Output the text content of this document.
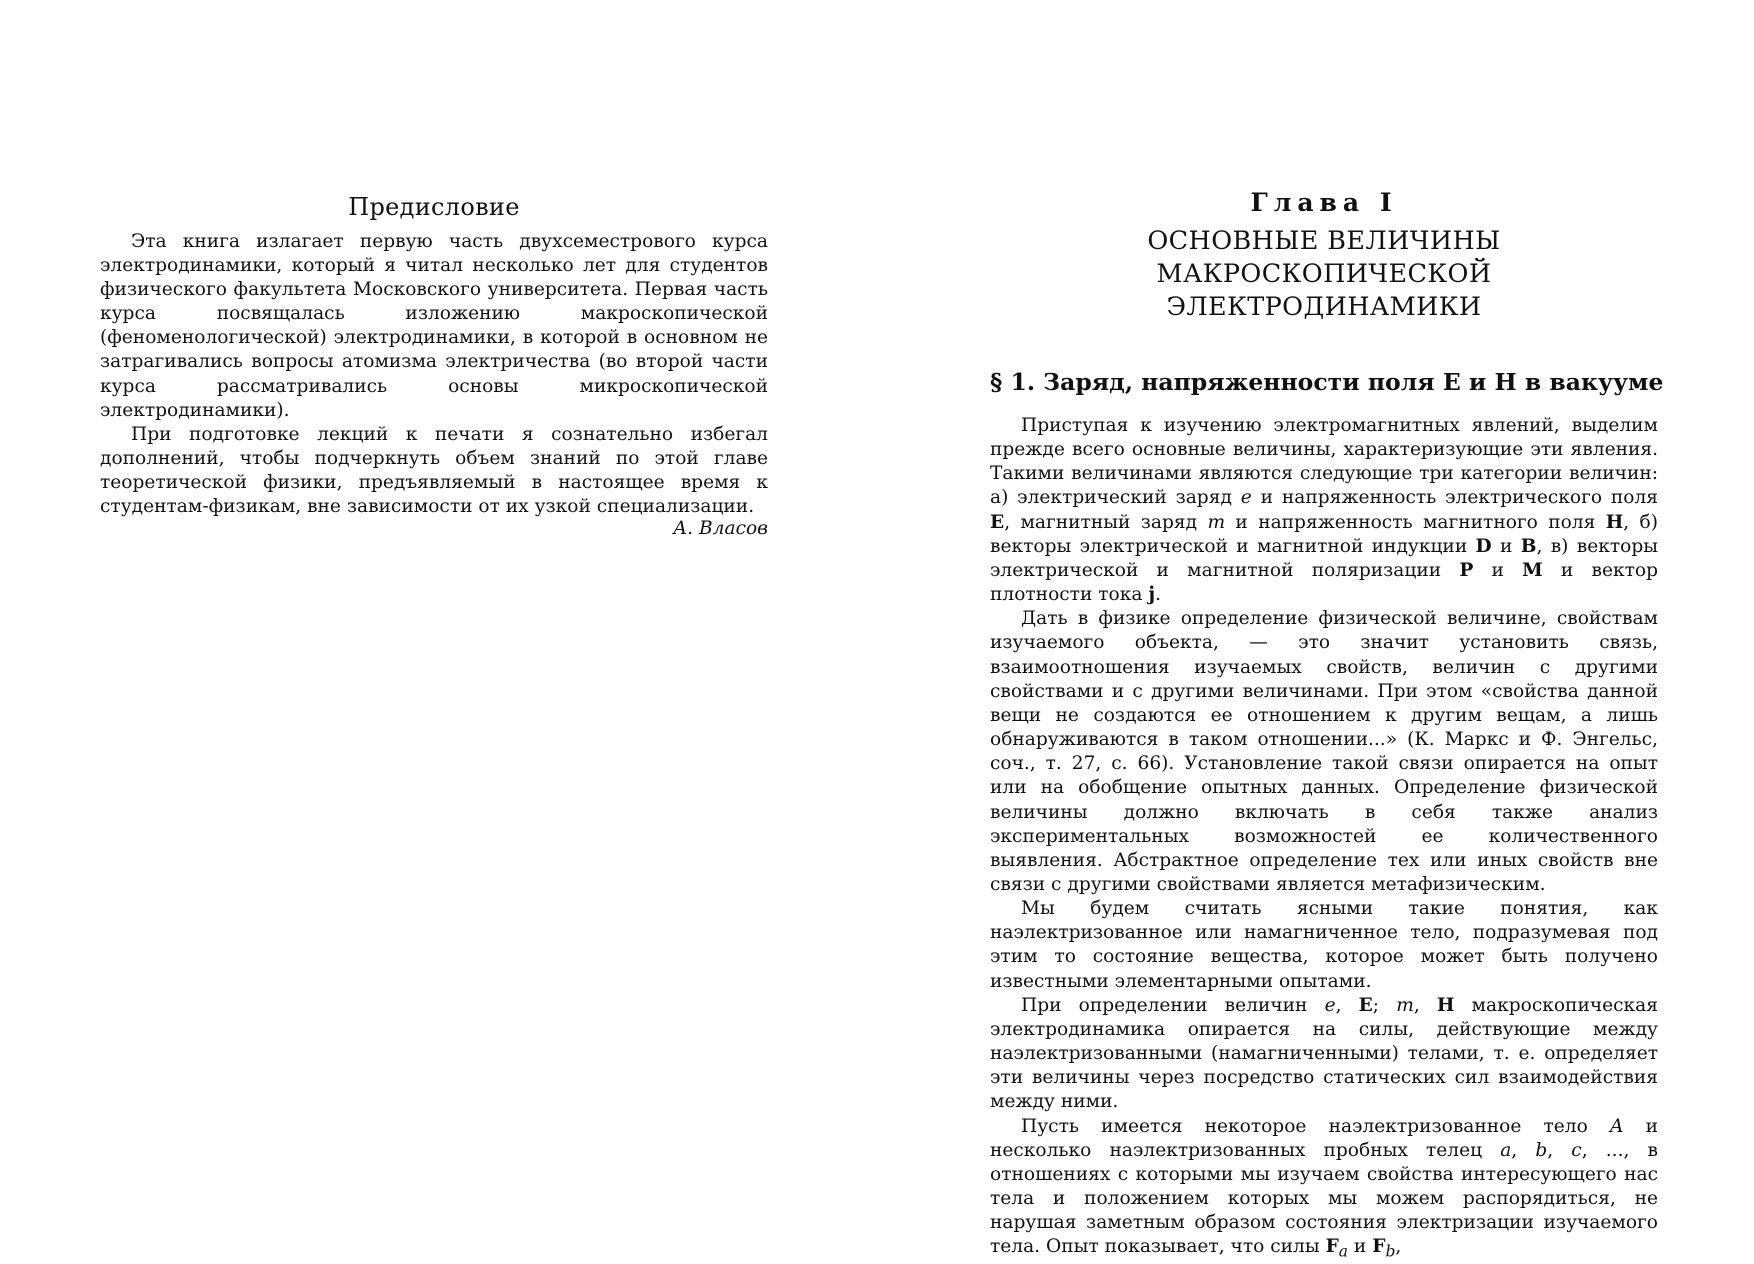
Предисловие

Эта книга излагает первую часть двухсеместрового курса электродинамики, который я читал несколько лет для студентов физического факультета Московского университета. Первая часть курса посвящалась изложению макроскопической (феноменологической) электродинамики, в которой в основном не затрагивались вопросы атомизма электричества (во второй части курса рассматривались основы микроскопической электродинамики).

При подготовке лекций к печати я сознательно избегал дополнений, чтобы подчеркнуть объем знаний по этой главе теоретической физики, предъявляемый в настоящее время к студентам-физикам, вне зависимости от их узкой специализации.

А. Власов
Глава I
ОСНОВНЫЕ ВЕЛИЧИНЫ
МАКРОСКОПИЧЕСКОЙ
ЭЛЕКТРОДИНАМИКИ
§ 1. Заряд, напряженности поля E и H в вакууме

Приступая к изучению электромагнитных явлений, выделим прежде всего основные величины, характеризующие эти явления. Такими величинами являются следующие три категории величин: а) электрический заряд e и напряженность электрического поля E, магнитный заряд m и напряженность магнитного поля H, б) векторы электрической и магнитной индукции D и B, в) векторы электрической и магнитной поляризации P и M и вектор плотности тока j.

Дать в физике определение физической величине, свойствам изучаемого объекта, — это значит установить связь, взаимоотношения изучаемых свойств, величин с другими свойствами и с другими величинами. При этом «свойства данной вещи не создаются ее отношением к другим вещам, а лишь обнаруживаются в таком отношении...» (К. Маркс и Ф. Энгельс, соч., т. 27, с. 66). Установление такой связи опирается на опыт или на обобщение опытных данных. Определение физической величины должно включать в себя также анализ экспериментальных возможностей ее количественного выявления. Абстрактное определение тех или иных свойств вне связи с другими свойствами является метафизическим.

Мы будем считать ясными такие понятия, как наэлектризованное или намагниченное тело, подразумевая под этим то состояние вещества, которое может быть получено известными элементарными опытами.

При определении величин e, E; m, H макроскопическая электродинамика опирается на силы, действующие между наэлектризованными (намагниченными) телами, т. е. определяет эти величины через посредство статических сил взаимодействия между ними.

Пусть имеется некоторое наэлектризованное тело A и несколько наэлектризованных пробных телец a, b, c, ..., в отношениях с которыми мы изучаем свойства интересующего нас тела и положением которых мы можем распорядиться, не нарушая заметным образом состояния электризации изучаемого тела. Опыт показывает, что силы $F_a$ и $F_b$,
